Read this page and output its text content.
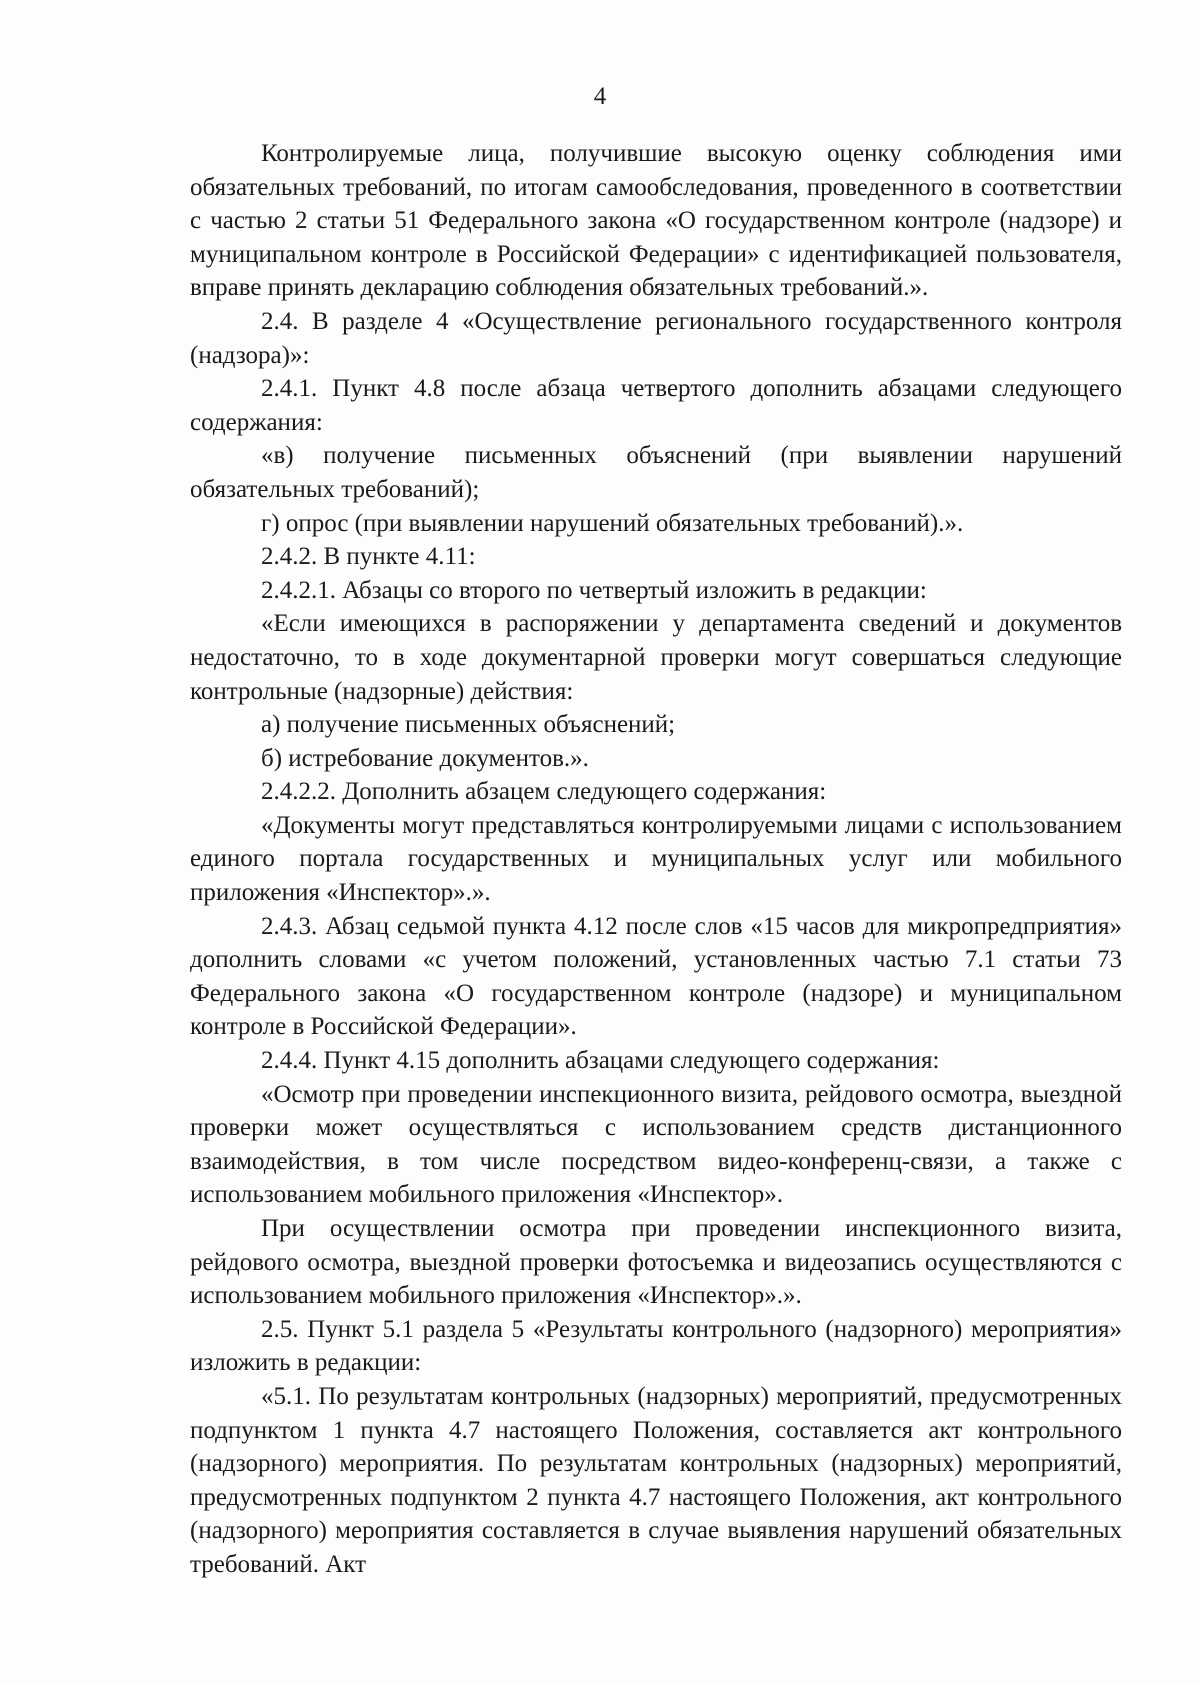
4

Контролируемые лица, получившие высокую оценку соблюдения ими обязательных требований, по итогам самообследования, проведенного в соответствии с частью 2 статьи 51 Федерального закона «О государственном контроле (надзоре) и муниципальном контроле в Российской Федерации» с идентификацией пользователя, вправе принять декларацию соблюдения обязательных требований.».

2.4. В разделе 4 «Осуществление регионального государственного контроля (надзора)»:

2.4.1. Пункт 4.8 после абзаца четвертого дополнить абзацами следующего содержания:

«в) получение письменных объяснений (при выявлении нарушений обязательных требований);

г) опрос (при выявлении нарушений обязательных требований).».

2.4.2. В пункте 4.11:

2.4.2.1. Абзацы со второго по четвертый изложить в редакции:

«Если имеющихся в распоряжении у департамента сведений и документов недостаточно, то в ходе документарной проверки могут совершаться следующие контрольные (надзорные) действия:

а) получение письменных объяснений;

б) истребование документов.».

2.4.2.2. Дополнить абзацем следующего содержания:

«Документы могут представляться контролируемыми лицами с использованием единого портала государственных и муниципальных услуг или мобильного приложения «Инспектор».».

2.4.3. Абзац седьмой пункта 4.12 после слов «15 часов для микропредприятия» дополнить словами «с учетом положений, установленных частью 7.1 статьи 73 Федерального закона «О государственном контроле (надзоре) и муниципальном контроле в Российской Федерации».

2.4.4. Пункт 4.15 дополнить абзацами следующего содержания:

«Осмотр при проведении инспекционного визита, рейдового осмотра, выездной проверки может осуществляться с использованием средств дистанционного взаимодействия, в том числе посредством видео-конференц-связи, а также с использованием мобильного приложения «Инспектор».

При осуществлении осмотра при проведении инспекционного визита, рейдового осмотра, выездной проверки фотосъемка и видеозапись осуществляются с использованием мобильного приложения «Инспектор».».

2.5. Пункт 5.1 раздела 5 «Результаты контрольного (надзорного) мероприятия» изложить в редакции:

«5.1. По результатам контрольных (надзорных) мероприятий, предусмотренных подпунктом 1 пункта 4.7 настоящего Положения, составляется акт контрольного (надзорного) мероприятия. По результатам контрольных (надзорных) мероприятий, предусмотренных подпунктом 2 пункта 4.7 настоящего Положения, акт контрольного (надзорного) мероприятия составляется в случае выявления нарушений обязательных требований. Акт
